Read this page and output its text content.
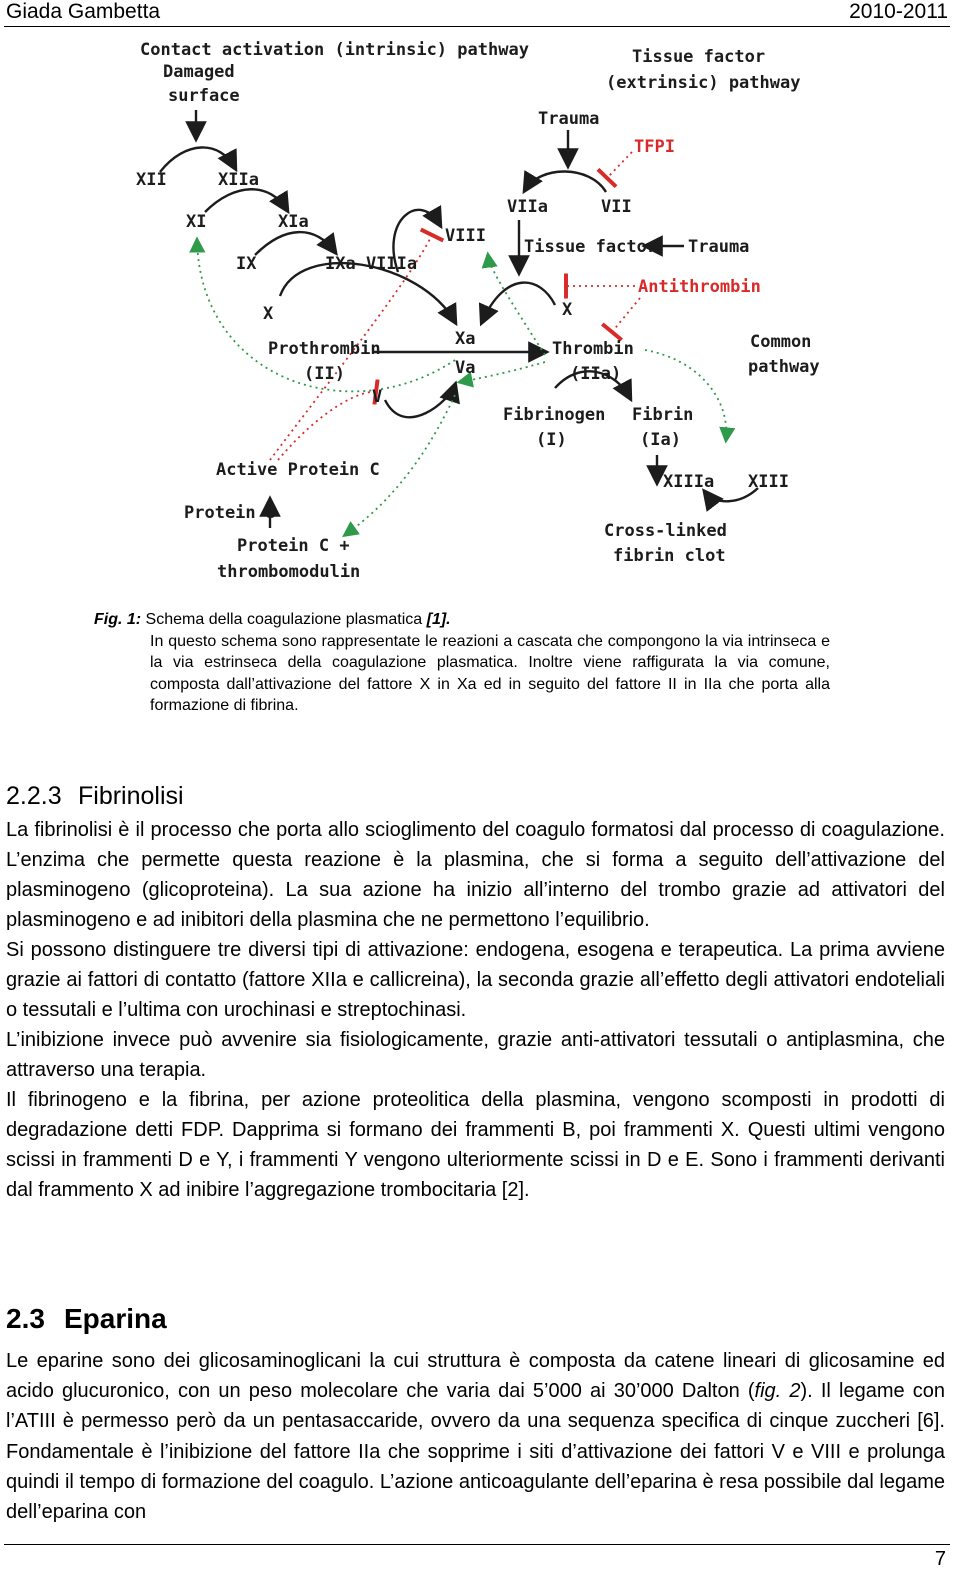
Giada Gambetta	2010-2011
Contact activation (intrinsic) pathway
Damaged
surface
Tissue factor
(extrinsic) pathway
Trauma
TFPI
XII	XIIa
XI	XIa
IX	IXa VIIIa
VIII
VIIa	VII
Tissue factor Trauma
Antithrombin
X	X
Prothrombin
(II)
Xa
Va
V
Thrombin
(IIa)
Common
pathway
Fibrinogen
(I)
Fibrin
(Ia)
Active Protein C
Protein S
Protein C +
thrombomodulin
XIIIa XIII
Cross-linked
fibrin clot
Fig. 1: Schema della coagulazione plasmatica [1].
In questo schema sono rappresentate le reazioni a cascata che compongono la via intrinseca e la via estrinseca della coagulazione plasmatica. Inoltre viene raffigurata la via comune, composta dall’attivazione del fattore X in Xa ed in seguito del fattore II in IIa che porta alla formazione di fibrina.
2.2.3 Fibrinolisi

La fibrinolisi è il processo che porta allo scioglimento del coagulo formatosi dal processo di coagulazione. L’enzima che permette questa reazione è la plasmina, che si forma a seguito dell’attivazione del plasminogeno (glicoproteina). La sua azione ha inizio all’interno del trombo grazie ad attivatori del plasminogeno e ad inibitori della plasmina che ne permettono l’equilibrio.

Si possono distinguere tre diversi tipi di attivazione: endogena, esogena e terapeutica. La prima avviene grazie ai fattori di contatto (fattore XIIa e callicreina), la seconda grazie all’effetto degli attivatori endoteliali o tessutali e l’ultima con urochinasi e streptochinasi.

L’inibizione invece può avvenire sia fisiologicamente, grazie anti-attivatori tessutali o antiplasmina, che attraverso una terapia.

Il fibrinogeno e la fibrina, per azione proteolitica della plasmina, vengono scomposti in prodotti di degradazione detti FDP. Dapprima si formano dei frammenti B, poi frammenti X. Questi ultimi vengono scissi in frammenti D e Y, i frammenti Y vengono ulteriormente scissi in D e E. Sono i frammenti derivanti dal frammento X ad inibire l’aggregazione trombocitaria [2].

2.3 Eparina

Le eparine sono dei glicosaminoglicani la cui struttura è composta da catene lineari di glicosamine ed acido glucuronico, con un peso molecolare che varia dai 5’000 ai 30’000 Dalton (fig. 2). Il legame con l’ATIII è permesso però da un pentasaccaride, ovvero da una sequenza specifica di cinque zuccheri [6]. Fondamentale è l’inibizione del fattore IIa che sopprime i siti d’attivazione dei fattori V e VIII e prolunga quindi il tempo di formazione del coagulo. L’azione anticoagulante dell’eparina è resa possibile dal legame dell’eparina con

7
